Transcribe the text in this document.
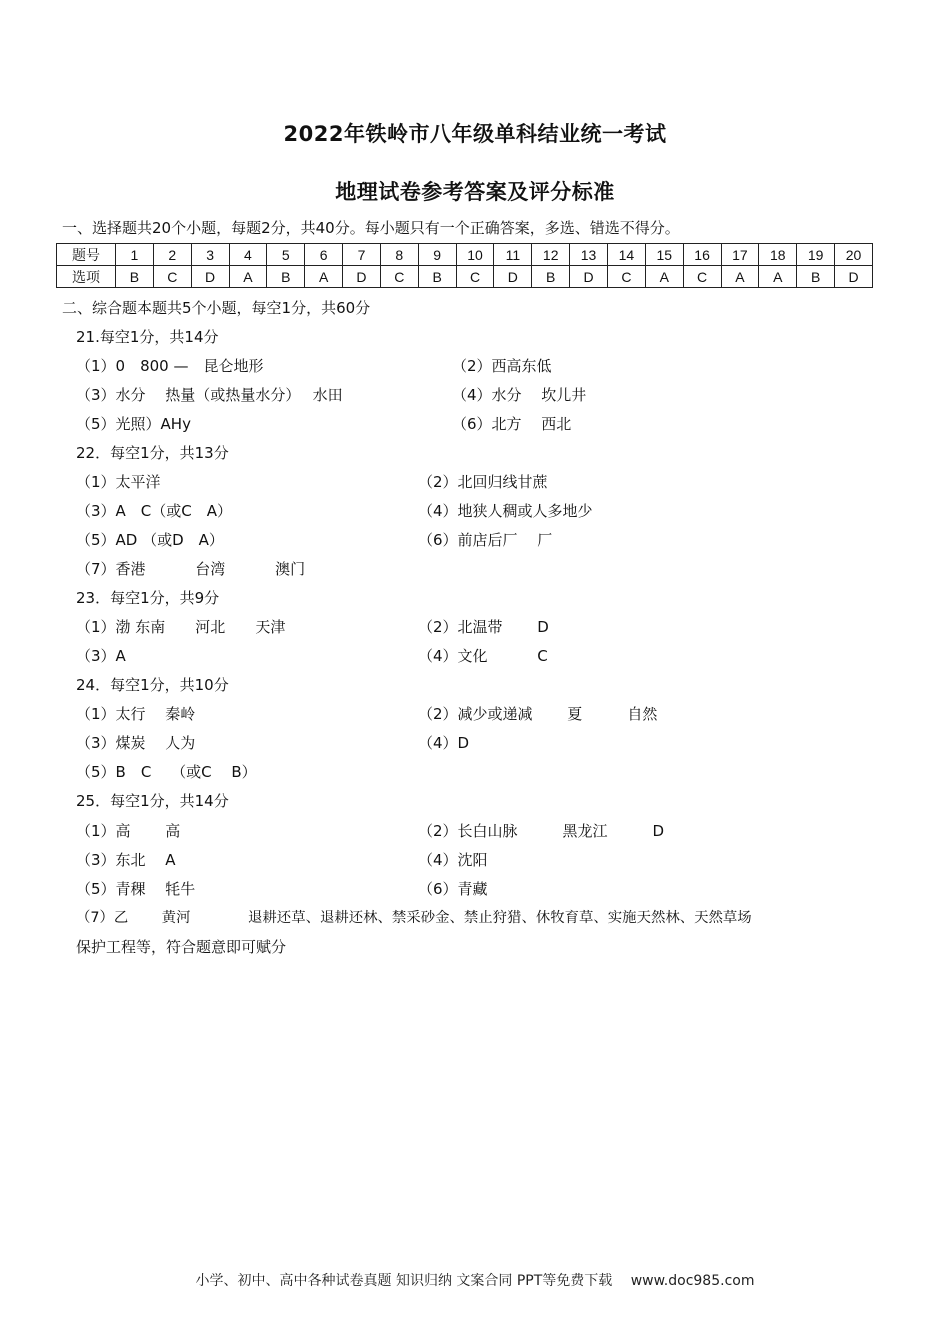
2022年铁岭市八年级单科结业统一考试
地理试卷参考答案及评分标准
一、选择题共20个小题，每题2分，共40分。每小题只有一个正确答案，多选、错选不得分。
题号	1	2	3	4	5	6	7	8	9	10	11	12	13	14	15	16	17	18	19	20
选项	B	C	D	A	B	A	D	C	B	C	D	B	D	C	A	C	A	A	B	D
二、综合题本题共5个小题，每空1分，共60分
21.每空1分，共14分
（1）0　800 —　昆仑地形	（2）西高东低
（3）水分　 热量（或热量水分）　 水田	（4）水分　 坎儿井
（5）光照）AHy	（6）北方　 西北
22．每空1分，共13分
（1）太平洋	（2）北回归线甘蔗
（3）A　C（或C　A）	（4）地狭人稠或人多地少
（5）AD （或D　A）	（6）前店后厂　 厂
（7）香港　　　 台湾　　　 澳门
23．每空1分，共9分
（1）渤 东南　　河北　　天津	（2）北温带　　 D
（3）A	（4）文化　　　 C
24．每空1分，共10分
（1）太行　 秦岭	（2）减少或递减　　 夏　　　自然
（3）煤炭　 人为	（4）D
（5）B　C　 （或C　 B）
25．每空1分，共14分
（1）高　　 高	（2）长白山脉　　　黑龙江　　　D
（3）东北　 A	（4）沈阳
（5）青稞　 牦牛	（6）青藏
（7）乙　　 黄河　　　　退耕还草、退耕还林、禁采砂金、禁止狩猎、休牧育草、实施天然林、天然草场
保护工程等，符合题意即可赋分
小学、初中、高中各种试卷真题 知识归纳 文案合同 PPT等免费下载　 www.doc985.com
